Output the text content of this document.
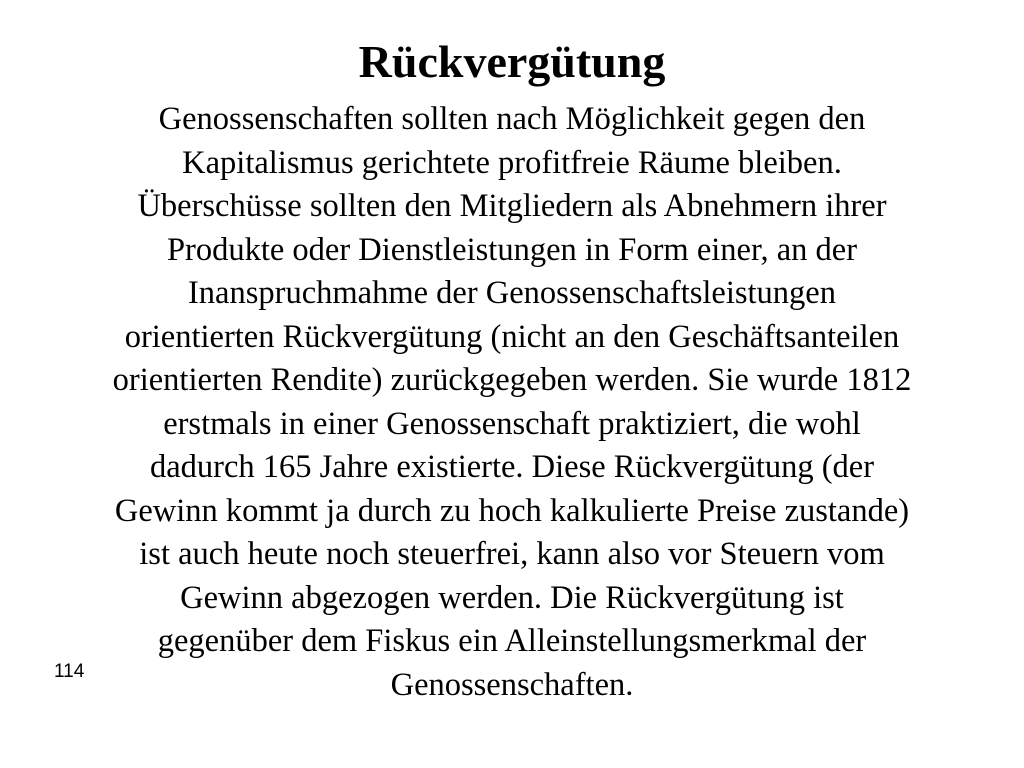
Rückvergütung
Genossenschaften sollten nach Möglichkeit gegen den
Kapitalismus gerichtete profitfreie Räume bleiben.
Überschüsse sollten den Mitgliedern als Abnehmern ihrer
Produkte oder Dienstleistungen in Form einer, an der
Inanspruchmahme der Genossenschaftsleistungen
orientierten Rückvergütung (nicht an den Geschäftsanteilen
orientierten Rendite) zurückgegeben werden. Sie wurde 1812
erstmals in einer Genossenschaft praktiziert, die wohl
dadurch 165 Jahre existierte. Diese Rückvergütung (der
Gewinn kommt ja durch zu hoch kalkulierte Preise zustande)
ist auch heute noch steuerfrei, kann also vor Steuern vom
Gewinn abgezogen werden. Die Rückvergütung ist
gegenüber dem Fiskus ein Alleinstellungsmerkmal der
Genossenschaften.
114
